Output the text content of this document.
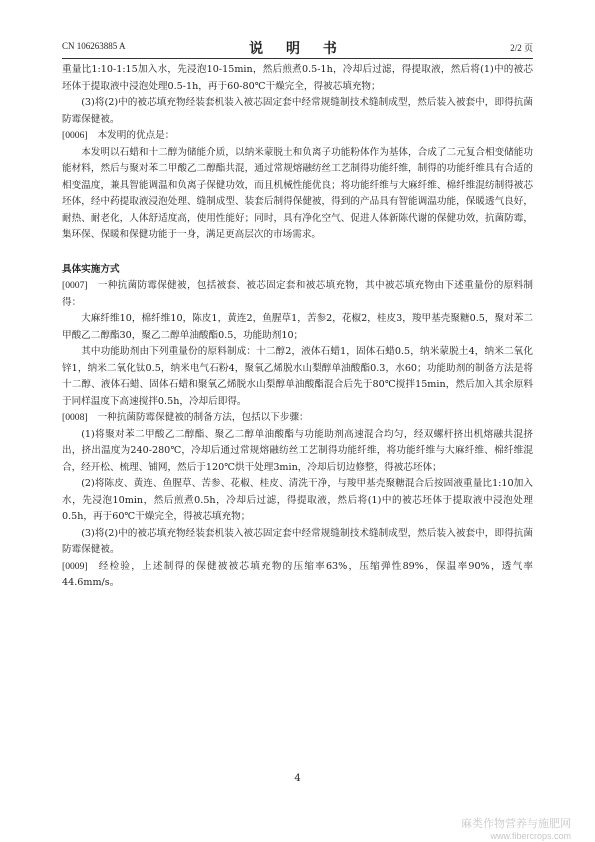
CN 106263885 A	说 明 书	2/2 页

重量比1:10-1:15加入水，先浸泡10-15min，然后煎煮0.5-1h，冷却后过滤，得提取液，然后将(1)中的被芯坯体于提取液中浸泡处理0.5-1h，再于60-80℃干燥完全，得被芯填充物；

(3)将(2)中的被芯填充物经装套机装入被芯固定套中经常规缝制技术缝制成型，然后装入被套中，即得抗菌防霉保健被。

[0006] 本发明的优点是：

本发明以石蜡和十二醇为储能介质，以纳米蒙脱土和负离子功能粉体作为基体，合成了二元复合相变储能功能材料，然后与聚对苯二甲酸乙二醇酯共混，通过常规熔融纺丝工艺制得功能纤维，制得的功能纤维具有合适的相变温度，兼具智能调温和负离子保健功效，而且机械性能优良；将功能纤维与大麻纤维、棉纤维混纺制得被芯坯体，经中药提取液浸泡处理、缝制成型、装套后制得保健被，得到的产品具有智能调温功能，保暖透气良好，耐热、耐老化，人体舒适度高，使用性能好；同时，具有净化空气、促进人体新陈代谢的保健功效，抗菌防霉，集环保、保暖和保健功能于一身，满足更高层次的市场需求。

具体实施方式

[0007] 一种抗菌防霉保健被，包括被套、被芯固定套和被芯填充物，其中被芯填充物由下述重量份的原料制得：

大麻纤维10，棉纤维10，陈皮1，黄连2，鱼腥草1，苦参2，花椒2，桂皮3，羧甲基壳聚糖0.5，聚对苯二甲酸乙二醇酯30，聚乙二醇单油酸酯0.5，功能助剂10；

其中功能助剂由下列重量份的原料制成：十二醇2，液体石蜡1，固体石蜡0.5，纳米蒙脱土4，纳米二氧化锌1，纳米二氧化钛0.5，纳米电气石粉4，聚氧乙烯脱水山梨醇单油酸酯0.3，水60；功能助剂的制备方法是将十二醇、液体石蜡、固体石蜡和聚氧乙烯脱水山梨醇单油酸酯混合后先于80℃搅拌15min，然后加入其余原料于同样温度下高速搅拌0.5h，冷却后即得。

[0008] 一种抗菌防霉保健被的制备方法，包括以下步骤：

(1)将聚对苯二甲酸乙二醇酯、聚乙二醇单油酸酯与功能助剂高速混合均匀，经双螺杆挤出机熔融共混挤出，挤出温度为240-280℃，冷却后通过常规熔融纺丝工艺制得功能纤维，将功能纤维与大麻纤维、棉纤维混合，经开松、梳理、铺网，然后于120℃烘干处理3min，冷却后切边修整，得被芯坯体；

(2)将陈皮、黄连、鱼腥草、苦参、花椒、桂皮、清洗干净，与羧甲基壳聚糖混合后按固液重量比1:10加入水，先浸泡10min，然后煎煮0.5h，冷却后过滤，得提取液，然后将(1)中的被芯坯体于提取液中浸泡处理0.5h，再于60℃干燥完全，得被芯填充物；

(3)将(2)中的被芯填充物经装套机装入被芯固定套中经常规缝制技术缝制成型，然后装入被套中，即得抗菌防霉保健被。

[0009] 经检验，上述制得的保健被被芯填充物的压缩率63%，压缩弹性89%，保温率90%，透气率44.6mm/s。

4
麻类作物营养与施肥网
www.fibercrops.com
